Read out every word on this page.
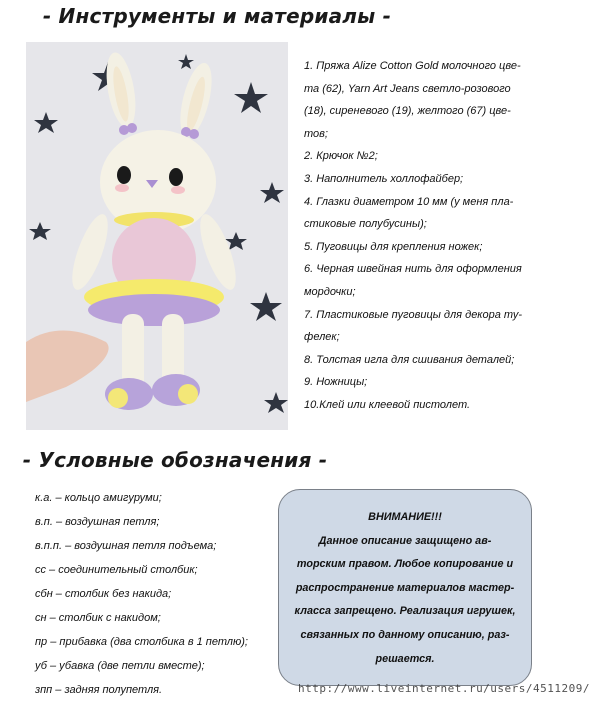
- Инструменты и материалы -

1. Пряжа Alize Cotton Gold молочного цве-

та (62), Yarn Art Jeans светло-розового

(18), сиреневого (19), желтого (67) цве-

тов;

2. Крючок №2;

3. Наполнитель холлофайбер;

4. Глазки диаметром 10 мм (у меня пла-

стиковые полубусины);

5. Пуговицы для крепления ножек;

6. Черная швейная нить для оформления

мордочки;

7. Пластиковые пуговицы для декора ту-

фелек;

8. Толстая игла для сшивания деталей;

9. Ножницы;

10.Клей или клеевой пистолет.

- Условные обозначения -

к.а. – кольцо амигуруми;

в.п. – воздушная петля;

в.п.п. – воздушная петля подъема;

сс – соединительный столбик;

сбн – столбик без накида;

сн – столбик с накидом;

пр – прибавка (два столбика в 1 петлю);

уб – убавка (две петли вместе);

зпп – задняя полупетля.

ВНИМАНИЕ!!!
Данное описание защищено ав-
торским правом. Любое копирование и
распространение материалов мастер-
класса запрещено. Реализация игрушек,
связанных по данному описанию, раз-
решается.
http://www.liveinternet.ru/users/4511209/
